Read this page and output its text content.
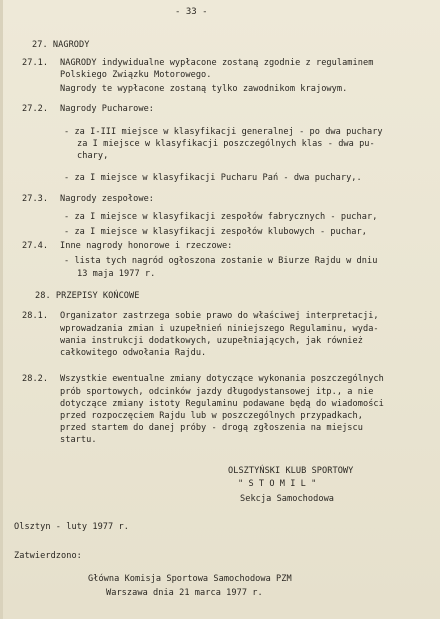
- 33 -
27. NAGRODY
27.1. NAGRODY indywidualne wypłacone zostaną zgodnie z regulaminem
Polskiego Związku Motorowego.
Nagrody te wypłacone zostaną tylko zawodnikom krajowym.
27.2. Nagrody Pucharowe:
- za I-III miejsce w klasyfikacji generalnej - po dwa puchary
za I miejsce w klasyfikacji poszczególnych klas - dwa pu-
chary,
- za I miejsce w klasyfikacji Pucharu Pań - dwa puchary,.
27.3. Nagrody zespołowe:
- za I miejsce w klasyfikacji zespołów fabrycznych - puchar,
- za I miejsce w klasyfikacji zespołów klubowych - puchar,
27.4. Inne nagrody honorowe i rzeczowe:
- lista tych nagród ogłoszona zostanie w Biurze Rajdu w dniu
13 maja 1977 r.
28. PRZEPISY KOŃCOWE
28.1. Organizator zastrzega sobie prawo do właściwej interpretacji,
wprowadzania zmian i uzupełnień niniejszego Regulaminu, wyda-
wania instrukcji dodatkowych, uzupełniających, jak również
całkowitego odwołania Rajdu.
28.2. Wszystkie ewentualne zmiany dotyczące wykonania poszczególnych
prób sportowych, odcinków jazdy długodystansowej itp., a nie
dotyczące zmiany istoty Regulaminu podawane będą do wiadomości
przed rozpoczęciem Rajdu lub w poszczególnych przypadkach,
przed startem do danej próby - drogą zgłoszenia na miejscu
startu.
OLSZTYŃSKI KLUB SPORTOWY
" S T O M I L "
Sekcja Samochodowa
Olsztyn - luty 1977 r.
Zatwierdzono:
Główna Komisja Sportowa Samochodowa PZM
Warszawa dnia 21 marca 1977 r.
